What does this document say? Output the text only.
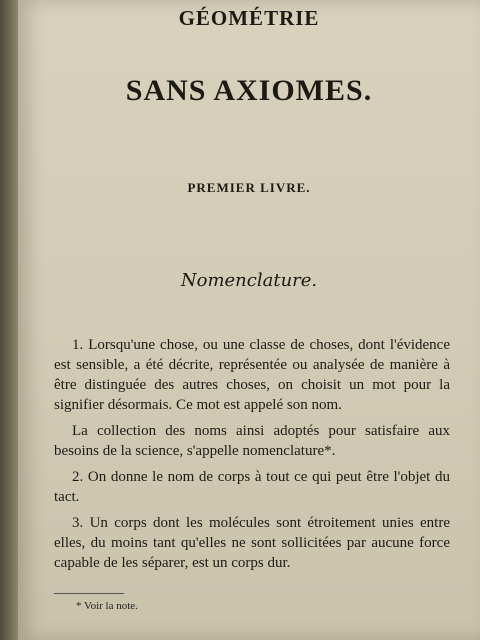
GÉOMÉTRIE
SANS AXIOMES.
PREMIER LIVRE.
Nomenclature.

1. Lorsqu'une chose, ou une classe de choses, dont l'évidence est sensible, a été décrite, représentée ou analysée de manière à être distinguée des autres choses, on choisit un mot pour la signifier désormais. Ce mot est appelé son nom.

La collection des noms ainsi adoptés pour satisfaire aux besoins de la science, s'appelle nomenclature*.

2. On donne le nom de corps à tout ce qui peut être l'objet du tact.

3. Un corps dont les molécules sont étroitement unies entre elles, du moins tant qu'elles ne sont sollicitées par aucune force capable de les séparer, est un corps dur.

* Voir la note.
